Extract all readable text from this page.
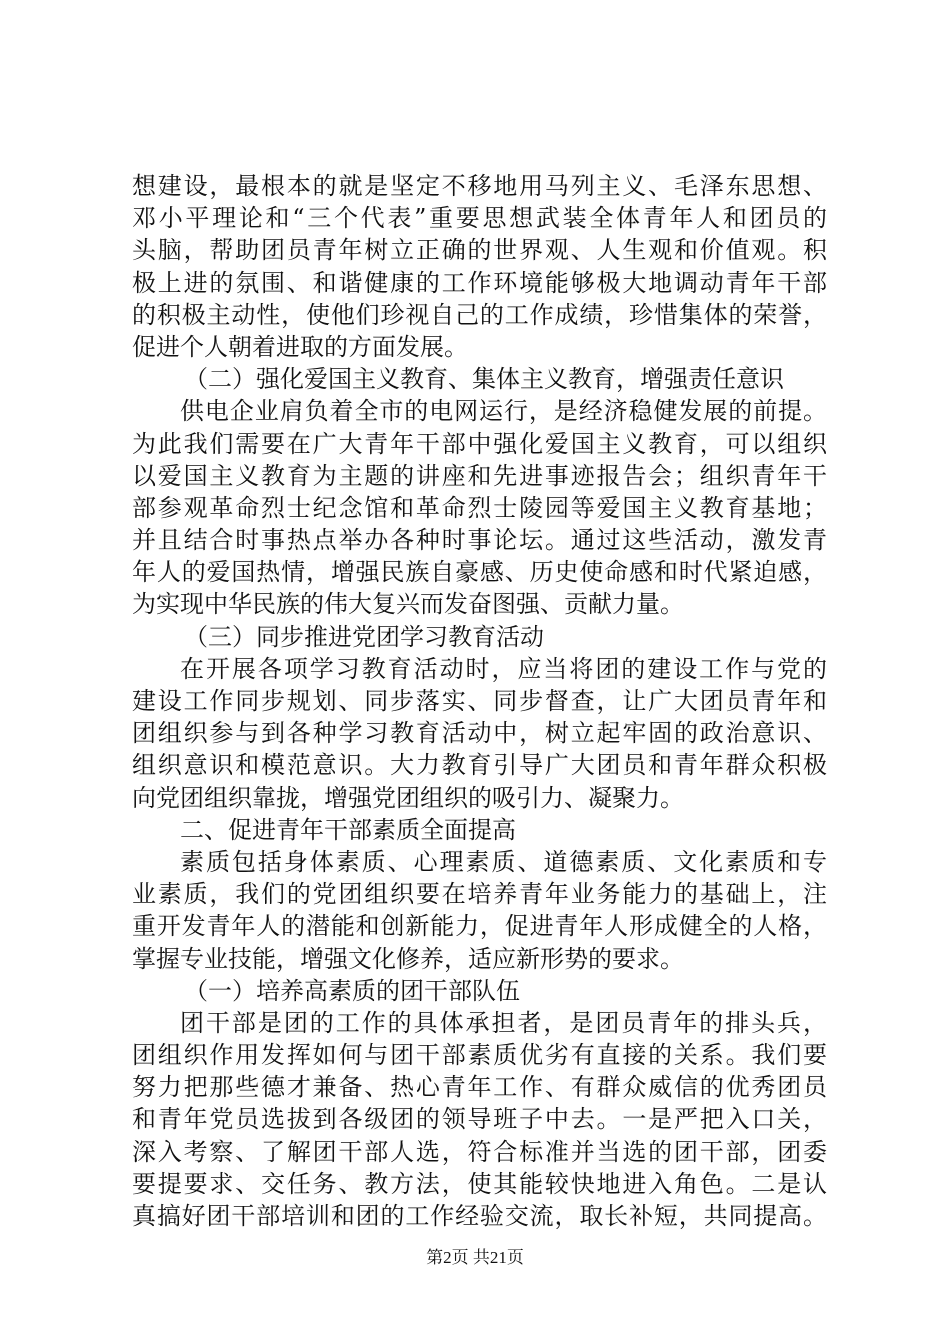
想建设，最根本的就是坚定不移地用马列主义、毛泽东思想、
邓小平理论和“三个代表”重要思想武装全体青年人和团员的
头脑，帮助团员青年树立正确的世界观、人生观和价值观。积
极上进的氛围、和谐健康的工作环境能够极大地调动青年干部
的积极主动性，使他们珍视自己的工作成绩，珍惜集体的荣誉，
促进个人朝着进取的方面发展。
（二）强化爱国主义教育、集体主义教育，增强责任意识
供电企业肩负着全市的电网运行，是经济稳健发展的前提。
为此我们需要在广大青年干部中强化爱国主义教育，可以组织
以爱国主义教育为主题的讲座和先进事迹报告会；组织青年干
部参观革命烈士纪念馆和革命烈士陵园等爱国主义教育基地；
并且结合时事热点举办各种时事论坛。通过这些活动，激发青
年人的爱国热情，增强民族自豪感、历史使命感和时代紧迫感，
为实现中华民族的伟大复兴而发奋图强、贡献力量。
（三）同步推进党团学习教育活动
在开展各项学习教育活动时，应当将团的建设工作与党的
建设工作同步规划、同步落实、同步督查，让广大团员青年和
团组织参与到各种学习教育活动中，树立起牢固的政治意识、
组织意识和模范意识。大力教育引导广大团员和青年群众积极
向党团组织靠拢，增强党团组织的吸引力、凝聚力。
二、促进青年干部素质全面提高
素质包括身体素质、心理素质、道德素质、文化素质和专
业素质，我们的党团组织要在培养青年业务能力的基础上，注
重开发青年人的潜能和创新能力，促进青年人形成健全的人格，
掌握专业技能，增强文化修养，适应新形势的要求。
（一）培养高素质的团干部队伍
团干部是团的工作的具体承担者，是团员青年的排头兵，
团组织作用发挥如何与团干部素质优劣有直接的关系。我们要
努力把那些德才兼备、热心青年工作、有群众威信的优秀团员
和青年党员选拔到各级团的领导班子中去。一是严把入口关，
深入考察、了解团干部人选，符合标准并当选的团干部，团委
要提要求、交任务、教方法，使其能较快地进入角色。二是认
真搞好团干部培训和团的工作经验交流，取长补短，共同提高。
第2页 共21页
